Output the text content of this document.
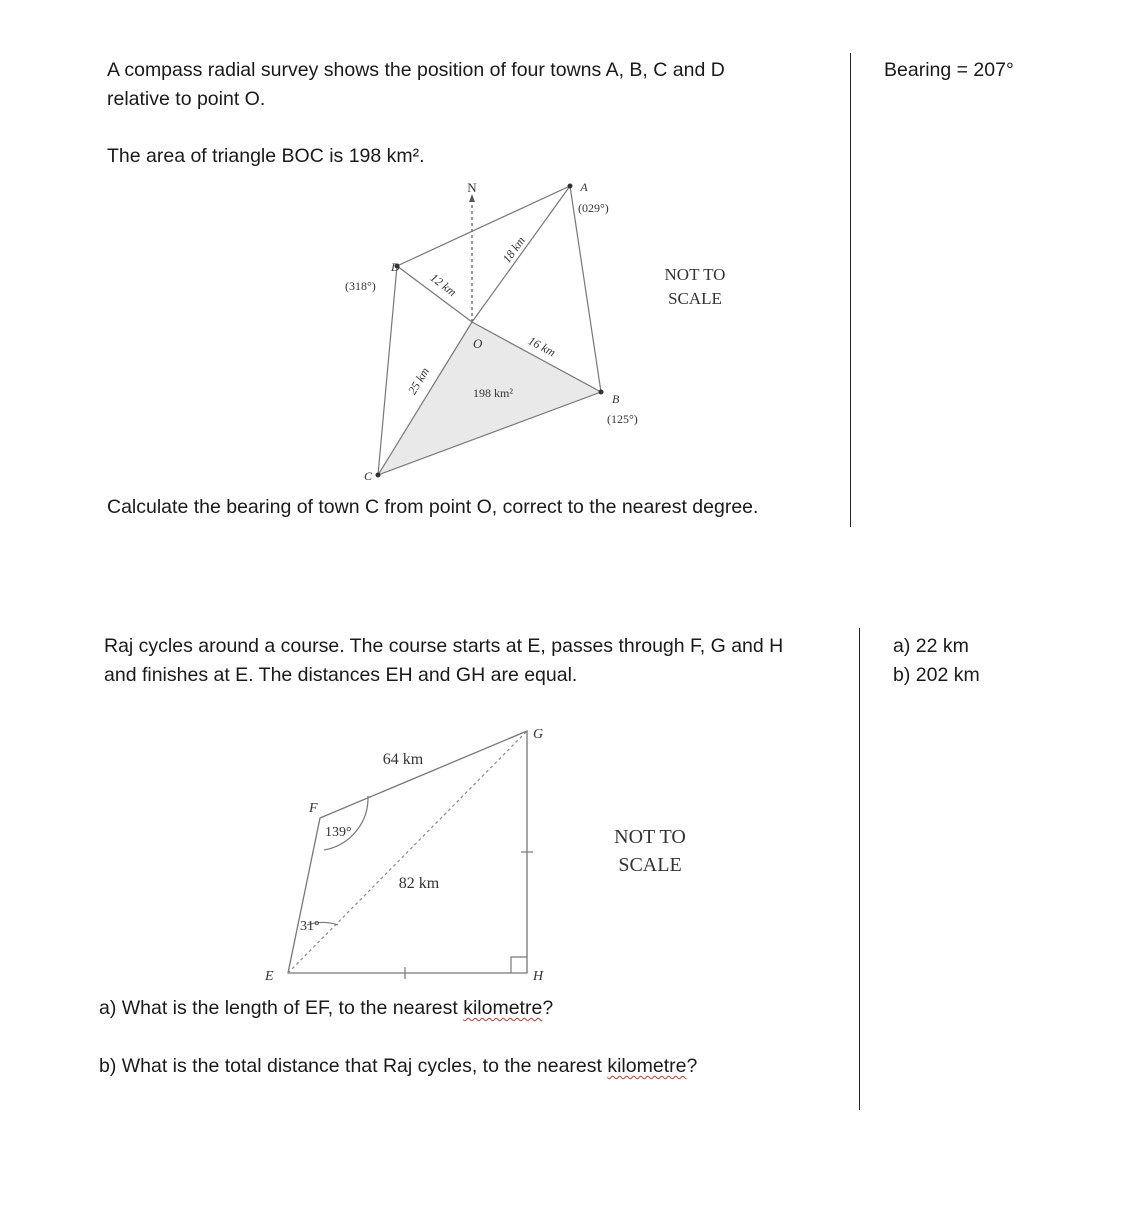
A compass radial survey shows the position of four towns A, B, C and D
relative to point O.
The area of triangle BOC is 198 km².
Calculate the bearing of town C from point O, correct to the nearest degree.
Bearing = 207°
N	A
(029°)
D
(318°)
O
B
(125°)
C
18 km
12 km
16 km
25 km	198 km²
NOT TO
SCALE
Raj cycles around a course. The course starts at E, passes through F, G and H
and finishes at E. The distances EH and GH are equal.
a) 22 km
b) 202 km
E
F
G
H
64 km
82 km
139°
31°
NOT TO
SCALE
a) What is the length of EF, to the nearest kilometre?
b) What is the total distance that Raj cycles, to the nearest kilometre?
